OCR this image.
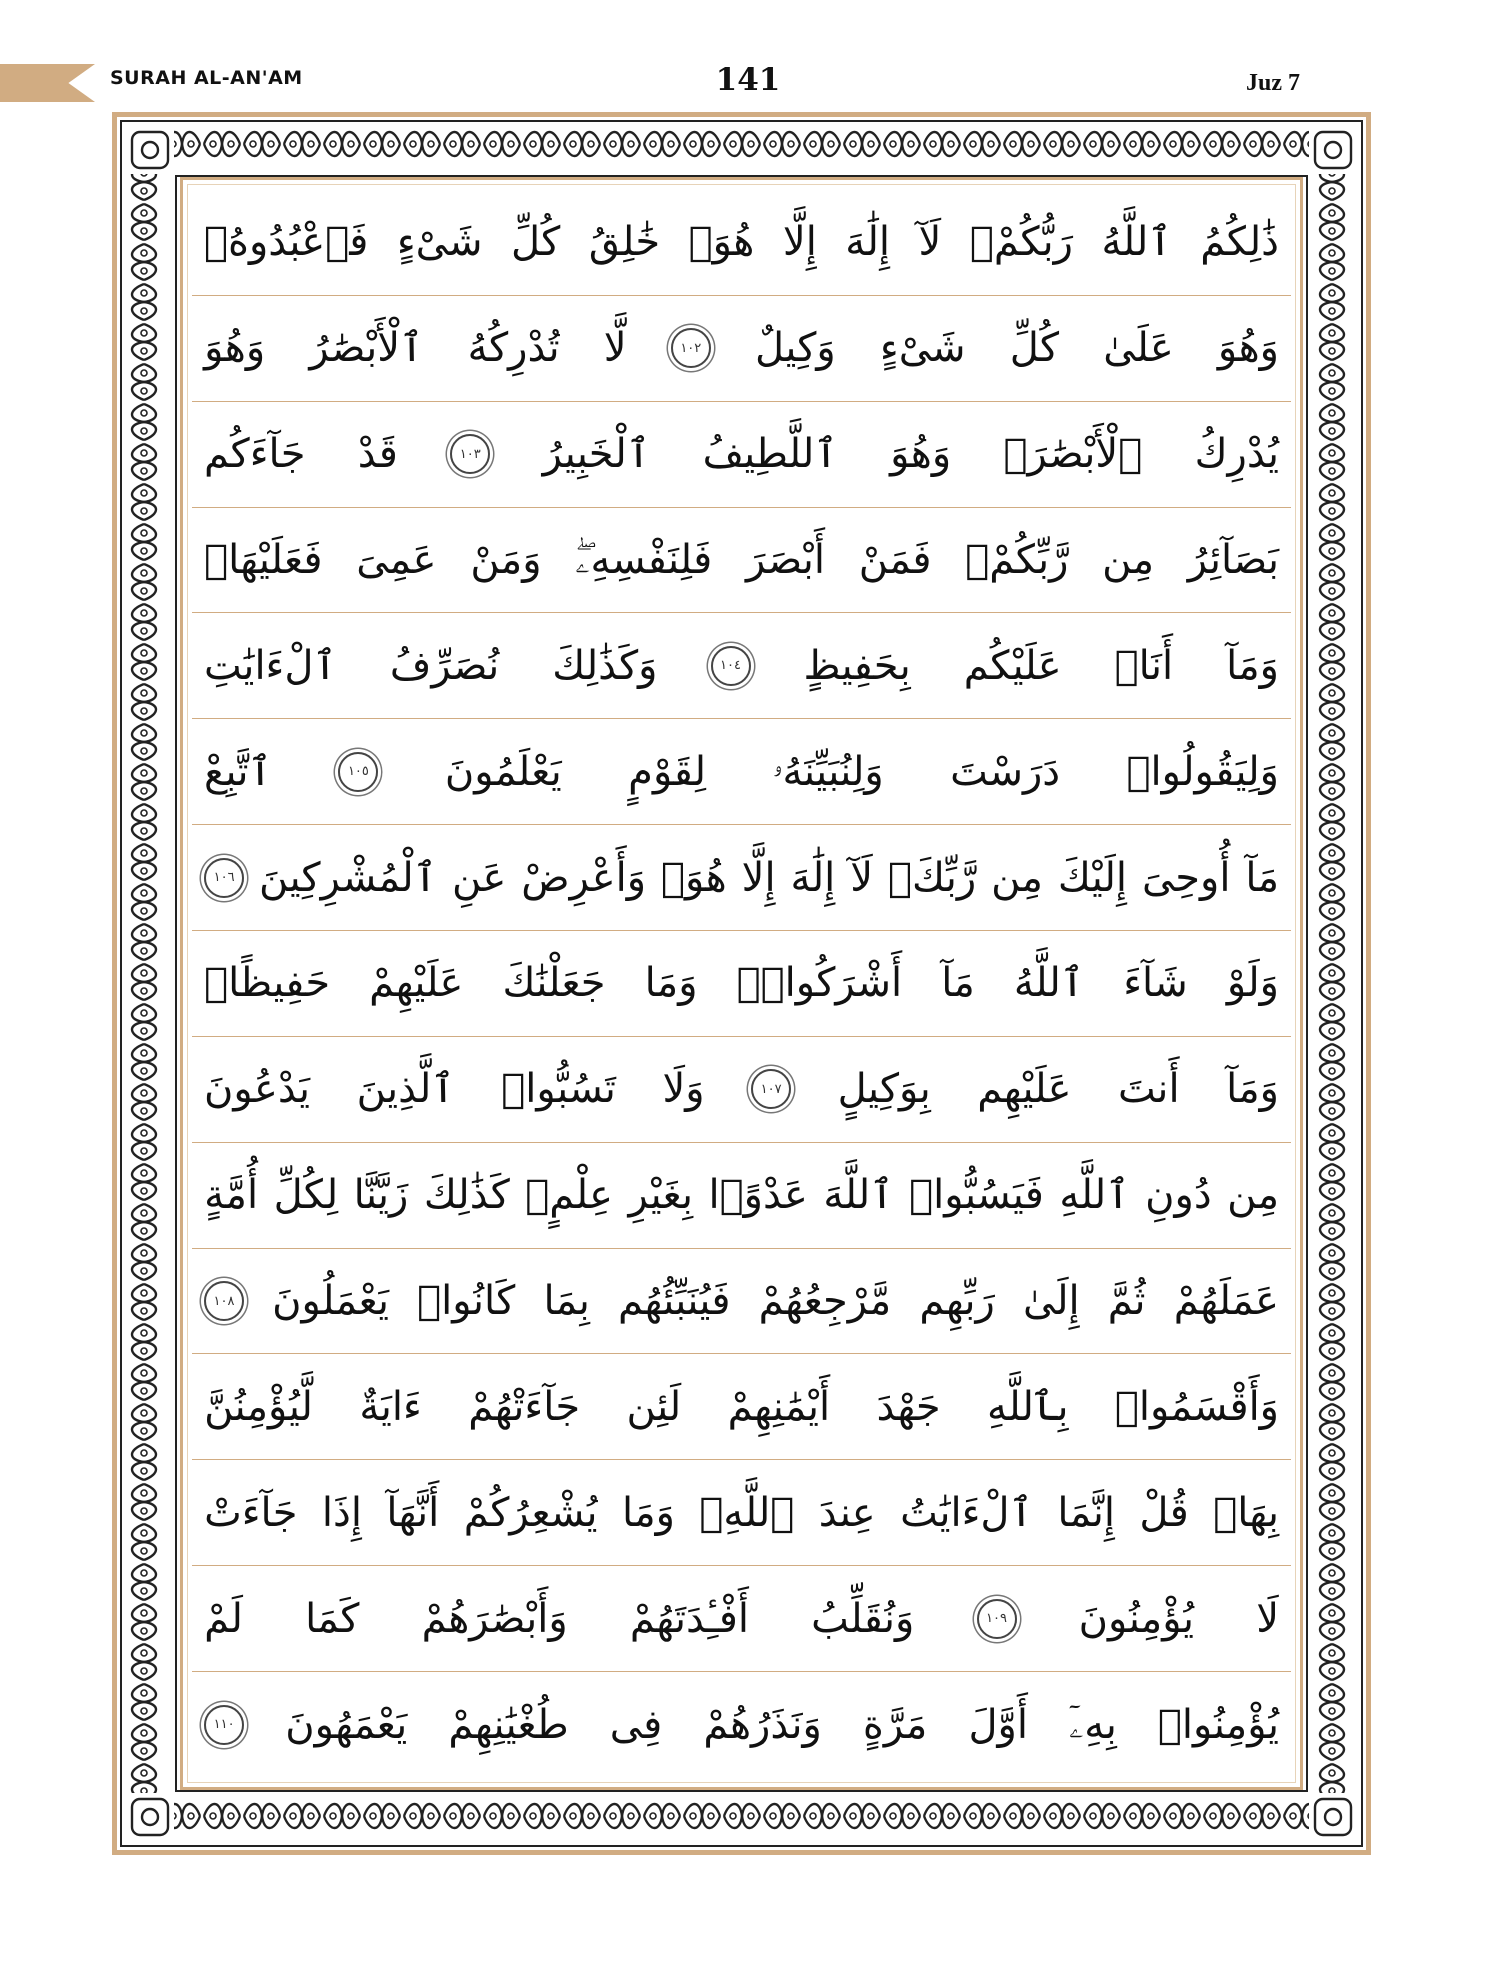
SURAH AL-AN'AM	141	Juz 7
ذَٰلِكُمُ
ٱللَّهُ
رَبُّكُمْۖ
لَآ
إِلَٰهَ
إِلَّا
هُوَۖ
خَٰلِقُ
كُلِّ
شَىْءٍ
فَٱعْبُدُوهُۚ
وَهُوَ
عَلَىٰ
كُلِّ
شَىْءٍ
وَكِيلٌ
١٠٢
لَّا
تُدْرِكُهُ
ٱلْأَبْصَٰرُ
وَهُوَ
يُدْرِكُ
ٱلْأَبْصَٰرَۖ
وَهُوَ
ٱللَّطِيفُ
ٱلْخَبِيرُ
١٠٣
قَدْ
جَآءَكُم
بَصَآئِرُ
مِن
رَّبِّكُمْۖ
فَمَنْ
أَبْصَرَ
فَلِنَفْسِهِۦۖ
وَمَنْ
عَمِىَ
فَعَلَيْهَاۚ
وَمَآ
أَنَا۠
عَلَيْكُم
بِحَفِيظٍ
١٠٤
وَكَذَٰلِكَ
نُصَرِّفُ
ٱلْءَايَٰتِ
وَلِيَقُولُوا۟
دَرَسْتَ
وَلِنُبَيِّنَهُۥ
لِقَوْمٍ
يَعْلَمُونَ
١٠٥
ٱتَّبِعْ
مَآ
أُوحِىَ
إِلَيْكَ
مِن
رَّبِّكَۖ
لَآ
إِلَٰهَ
إِلَّا
هُوَۖ
وَأَعْرِضْ
عَنِ
ٱلْمُشْرِكِينَ
١٠٦
وَلَوْ
شَآءَ
ٱللَّهُ
مَآ
أَشْرَكُوا۟ۗ
وَمَا
جَعَلْنَٰكَ
عَلَيْهِمْ
حَفِيظًاۖ
وَمَآ
أَنتَ
عَلَيْهِم
بِوَكِيلٍ
١٠٧
وَلَا
تَسُبُّوا۟
ٱلَّذِينَ
يَدْعُونَ
مِن
دُونِ
ٱللَّهِ
فَيَسُبُّوا۟
ٱللَّهَ
عَدْوًۢا
بِغَيْرِ
عِلْمٍۗ
كَذَٰلِكَ
زَيَّنَّا
لِكُلِّ
أُمَّةٍ
عَمَلَهُمْ
ثُمَّ
إِلَىٰ
رَبِّهِم
مَّرْجِعُهُمْ
فَيُنَبِّئُهُم
بِمَا
كَانُوا۟
يَعْمَلُونَ
١٠٨
وَأَقْسَمُوا۟
بِٱللَّهِ
جَهْدَ
أَيْمَٰنِهِمْ
لَئِن
جَآءَتْهُمْ
ءَايَةٌ
لَّيُؤْمِنُنَّ
بِهَاۚ
قُلْ
إِنَّمَا
ٱلْءَايَٰتُ
عِندَ
ٱللَّهِۖ
وَمَا
يُشْعِرُكُمْ
أَنَّهَآ
إِذَا
جَآءَتْ
لَا
يُؤْمِنُونَ
١٠٩
وَنُقَلِّبُ
أَفْـِٔدَتَهُمْ
وَأَبْصَٰرَهُمْ
كَمَا
لَمْ
يُؤْمِنُوا۟
بِهِۦٓ
أَوَّلَ
مَرَّةٍ
وَنَذَرُهُمْ
فِى
طُغْيَٰنِهِمْ
يَعْمَهُونَ
١١٠
